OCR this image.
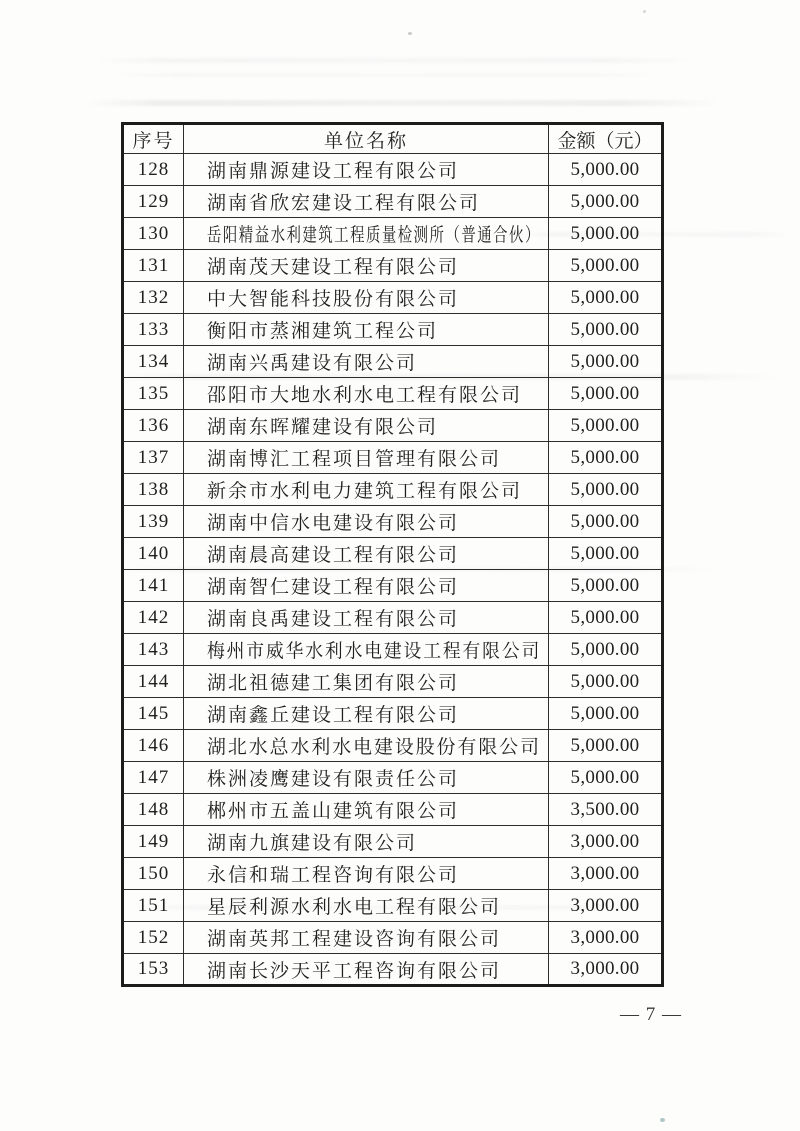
序号	单位名称	金额（元）
128	湖南鼎源建设工程有限公司	5,000.00
129	湖南省欣宏建设工程有限公司	5,000.00
130	岳阳精益水利建筑工程质量检测所（普通合伙）	5,000.00
131	湖南茂天建设工程有限公司	5,000.00
132	中大智能科技股份有限公司	5,000.00
133	衡阳市蒸湘建筑工程公司	5,000.00
134	湖南兴禹建设有限公司	5,000.00
135	邵阳市大地水利水电工程有限公司	5,000.00
136	湖南东晖耀建设有限公司	5,000.00
137	湖南博汇工程项目管理有限公司	5,000.00
138	新余市水利电力建筑工程有限公司	5,000.00
139	湖南中信水电建设有限公司	5,000.00
140	湖南晨高建设工程有限公司	5,000.00
141	湖南智仁建设工程有限公司	5,000.00
142	湖南良禹建设工程有限公司	5,000.00
143	梅州市威华水利水电建设工程有限公司	5,000.00
144	湖北祖德建工集团有限公司	5,000.00
145	湖南鑫丘建设工程有限公司	5,000.00
146	湖北水总水利水电建设股份有限公司	5,000.00
147	株洲凌鹰建设有限责任公司	5,000.00
148	郴州市五盖山建筑有限公司	3,500.00
149	湖南九旗建设有限公司	3,000.00
150	永信和瑞工程咨询有限公司	3,000.00
151	星辰利源水利水电工程有限公司	3,000.00
152	湖南英邦工程建设咨询有限公司	3,000.00
153	湖南长沙天平工程咨询有限公司	3,000.00
— 7 —
